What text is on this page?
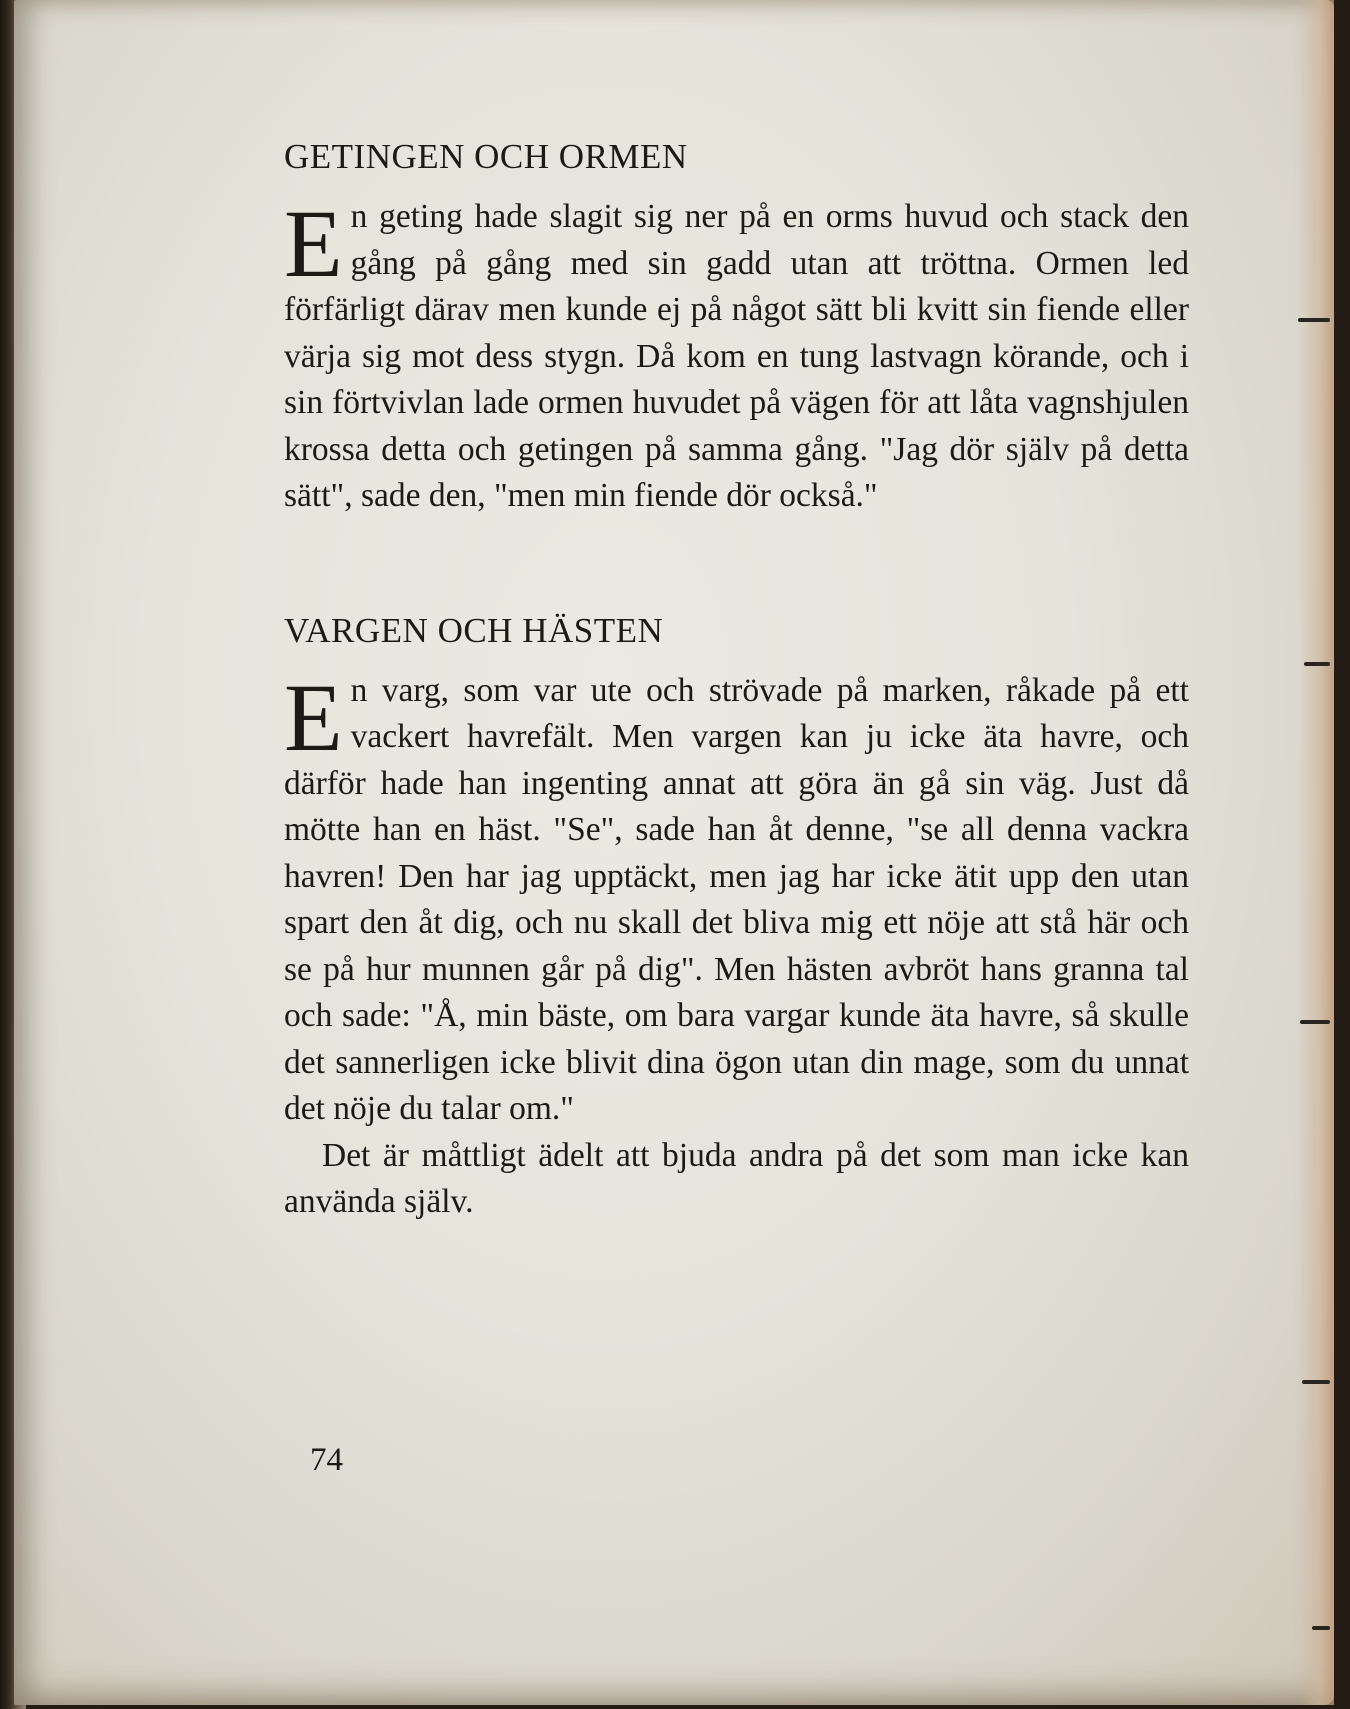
GETINGEN OCH ORMEN

E n geting hade slagit sig ner på en orms huvud och stack den gång på gång med sin gadd utan att tröttna. Ormen led förfärligt därav men kunde ej på något sätt bli kvitt sin fiende eller värja sig mot dess stygn. Då kom en tung lastvagn körande, och i sin förtvivlan lade ormen huvudet på vägen för att låta vagnshjulen krossa detta och getingen på samma gång. "Jag dör själv på detta sätt", sade den, "men min fiende dör också."

VARGEN OCH HÄSTEN

E n varg, som var ute och strövade på marken, råkade på ett vackert havrefält. Men vargen kan ju icke äta havre, och därför hade han ingenting annat att göra än gå sin väg. Just då mötte han en häst. "Se", sade han åt denne, "se all denna vackra havren! Den har jag upptäckt, men jag har icke ätit upp den utan spart den åt dig, och nu skall det bliva mig ett nöje att stå här och se på hur munnen går på dig". Men hästen avbröt hans granna tal och sade: "Å, min bäste, om bara vargar kunde äta havre, så skulle det sannerligen icke blivit dina ögon utan din mage, som du unnat det nöje du talar om."

Det är måttligt ädelt att bjuda andra på det som man icke kan använda själv.

74
